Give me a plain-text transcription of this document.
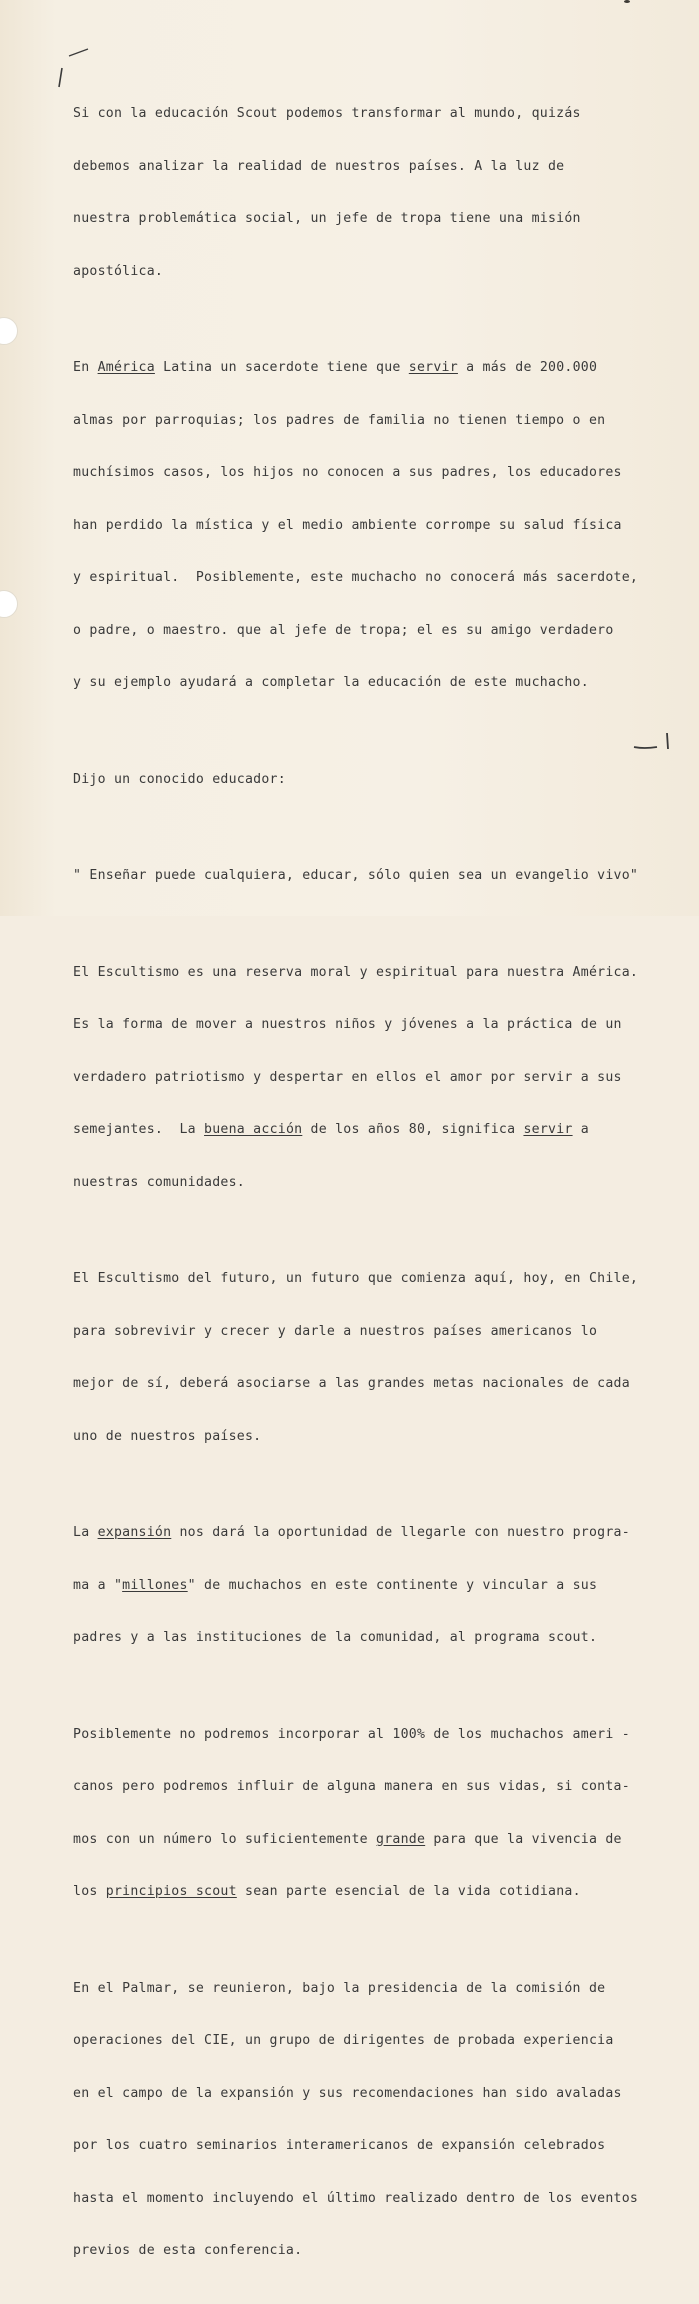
Si con la educación Scout podemos transformar al mundo, quizás

debemos analizar la realidad de nuestros países. A la luz de

nuestra problemática social, un jefe de tropa tiene una misión

apostólica.

En América Latina un sacerdote tiene que servir a más de 200.000

almas por parroquias; los padres de familia no tienen tiempo o en

muchísimos casos, los hijos no conocen a sus padres, los educadores

han perdido la mística y el medio ambiente corrompe su salud física

y espiritual.  Posiblemente, este muchacho no conocerá más sacerdote,

o padre, o maestro. que al jefe de tropa; el es su amigo verdadero

y su ejemplo ayudará a completar la educación de este muchacho.

Dijo un conocido educador:

" Enseñar puede cualquiera, educar, sólo quien sea un evangelio vivo"

El Escultismo es una reserva moral y espiritual para nuestra América.

Es la forma de mover a nuestros niños y jóvenes a la práctica de un

verdadero patriotismo y despertar en ellos el amor por servir a sus

semejantes.  La buena acción de los años 80, significa servir a

nuestras comunidades.

El Escultismo del futuro, un futuro que comienza aquí, hoy, en Chile,

para sobrevivir y crecer y darle a nuestros países americanos lo

mejor de sí, deberá asociarse a las grandes metas nacionales de cada

uno de nuestros países.

La expansión nos dará la oportunidad de llegarle con nuestro progra-

ma a "millones" de muchachos en este continente y vincular a sus

padres y a las instituciones de la comunidad, al programa scout.

Posiblemente no podremos incorporar al 100% de los muchachos ameri -

canos pero podremos influir de alguna manera en sus vidas, si conta-

mos con un número lo suficientemente grande para que la vivencia de

los principios scout sean parte esencial de la vida cotidiana.

En el Palmar, se reunieron, bajo la presidencia de la comisión de

operaciones del CIE, un grupo de dirigentes de probada experiencia

en el campo de la expansión y sus recomendaciones han sido avaladas

por los cuatro seminarios interamericanos de expansión celebrados

hasta el momento incluyendo el último realizado dentro de los eventos

previos de esta conferencia.
